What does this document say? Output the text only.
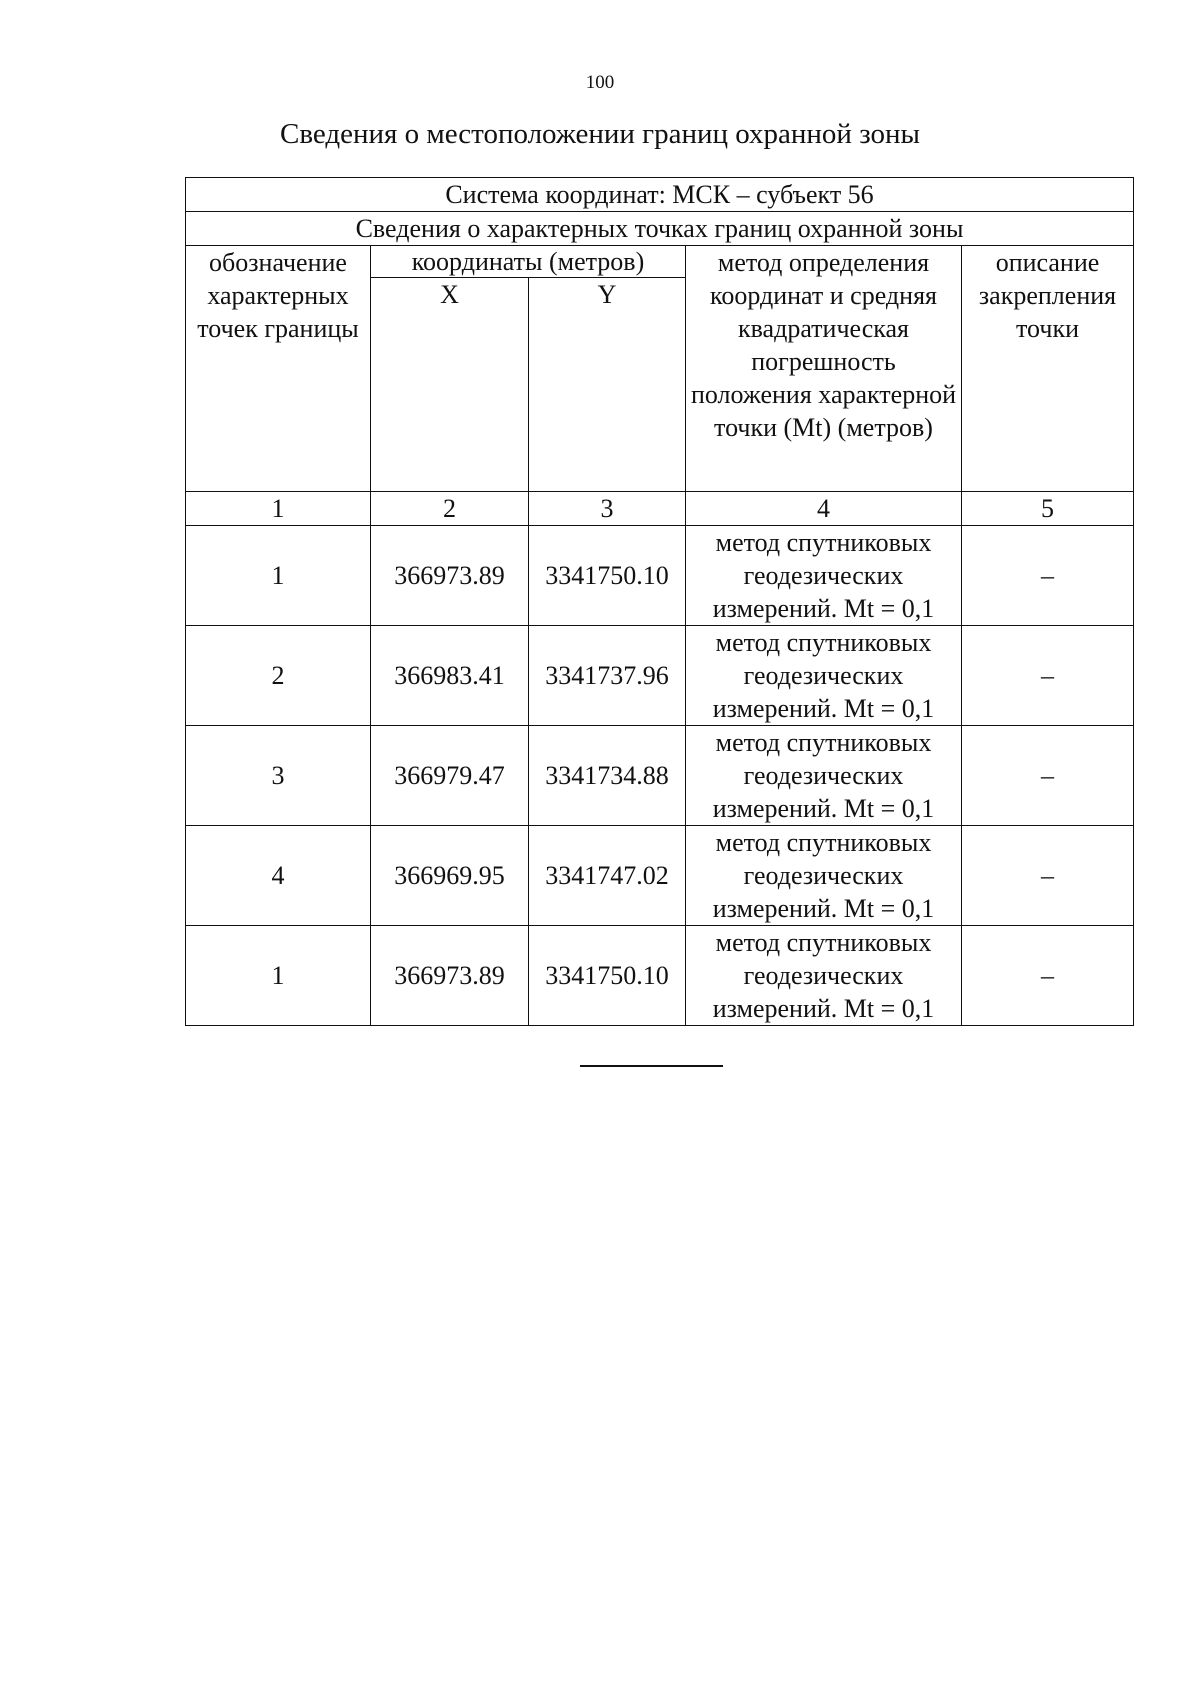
100
Сведения о местоположении границ охранной зоны
Система координат: МСК – субъект 56				
Сведения о характерных точках границ охранной зоны				
обозначение характерных точек границы	координаты (метров)		метод определения координат и средняя квадратическая погрешность положения характерной точки (Mt) (метров)	описание закрепления точки
	X	Y		
1	2	3	4	5
1	366973.89	3341750.10	метод спутниковых геодезических измерений. Mt = 0,1	–
2	366983.41	3341737.96	метод спутниковых геодезических измерений. Mt = 0,1	–
3	366979.47	3341734.88	метод спутниковых геодезических измерений. Mt = 0,1	–
4	366969.95	3341747.02	метод спутниковых геодезических измерений. Mt = 0,1	–
1	366973.89	3341750.10	метод спутниковых геодезических измерений. Mt = 0,1	–
